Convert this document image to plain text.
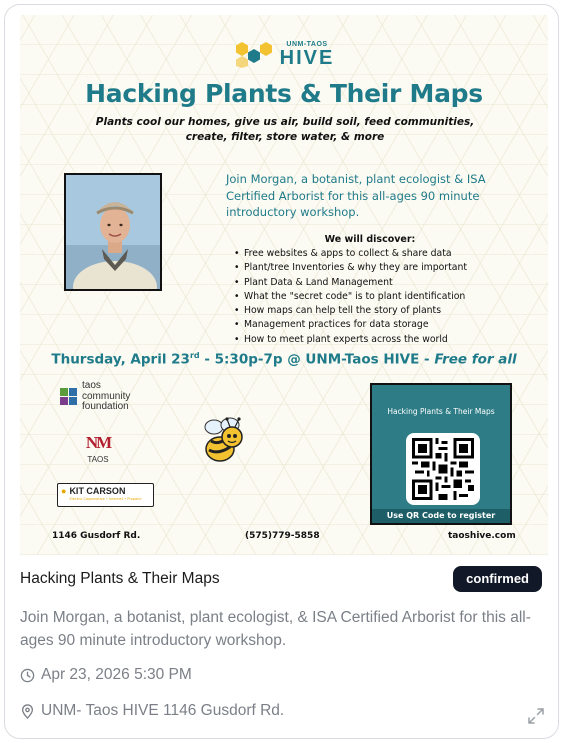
UNM-TAOS
HIVE
Hacking Plants & Their Maps
Plants cool our homes, give us air, build soil, feed communities, create, filter, store water, & more
Join Morgan, a botanist, plant ecologist & ISA Certified Arborist for this all-ages 90 minute introductory workshop.
We will discover:
• Free websites & apps to collect & share data
• Plant/tree Inventories & why they are important
• Plant Data & Land Management
• What the "secret code" is to plant identification
• How maps can help tell the story of plants
• Management practices for data storage
• How to meet plant experts across the world
Thursday, April 23rd - 5:30p-7p @ UNM-Taos HIVE - Free for all
taos
community
foundation
NM
TAOS
● KIT CARSON
Electric Cooperative • Internet • Propane
Hacking Plants & Their Maps
Use QR Code to register
1146 Gusdorf Rd.	(575)779-5858	taoshive.com
Hacking Plants & Their Maps	confirmed
Join Morgan, a botanist, plant ecologist, & ISA Certified Arborist for this all-ages 90 minute introductory workshop.
Apr 23, 2026 5:30 PM
UNM- Taos HIVE 1146 Gusdorf Rd.
